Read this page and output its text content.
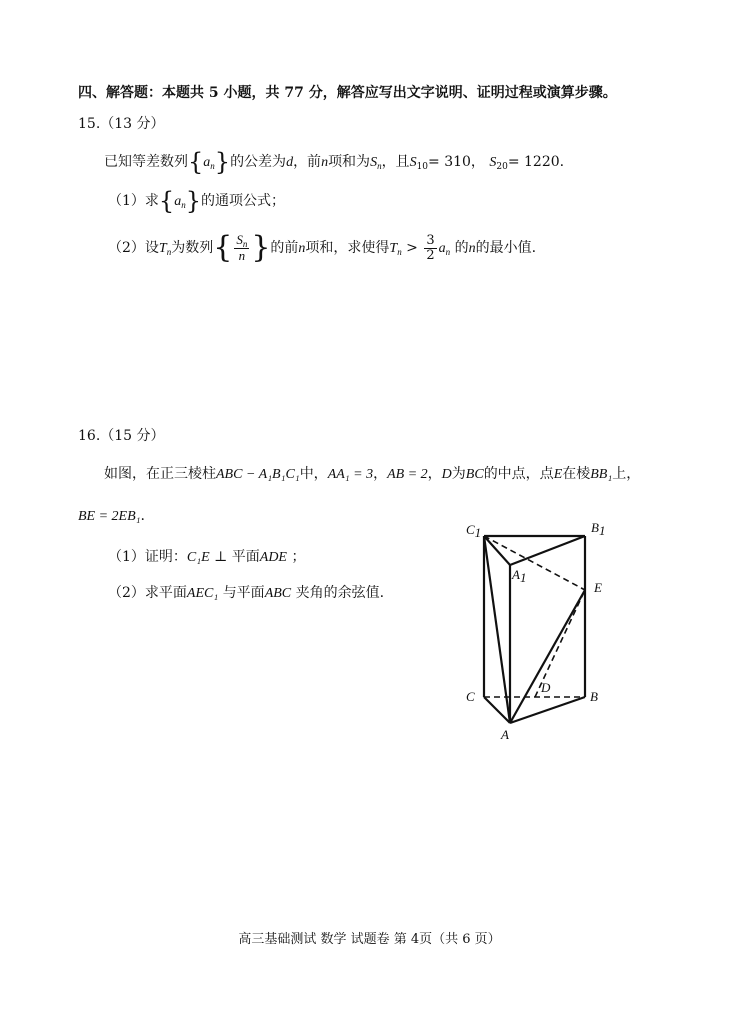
四、解答题：本题共 5 小题，共 77 分，解答应写出文字说明、证明过程或演算步骤。
15.（13 分）
已知等差数列$\{a_n\}$的公差为d，前n项和为$S_n$，且$S_{10}= 310$， $S_{20}= 1220$.
（1）求$\{a_n\}$的通项公式；
（2）设$T_n$为数列{ $\frac{S_n}{n}$ }的前n项和，求使得$T_n > \frac{3}{2} a_n$ 的n的最小值.
16.（15 分）
如图，在正三棱柱ABC − A₁B₁C₁中，AA₁ = 3，AB = 2，D为BC的中点，点E在棱BB₁上，
BE = 2EB₁.
（1）证明：C₁E ⊥ 平面ADE ；
（2）求平面AEC₁ 与平面ABC 夹角的余弦值.
C1	B1
A1
E
D
C	B
A
高三基础测试 数学 试题卷 第 4页（共 6 页）
